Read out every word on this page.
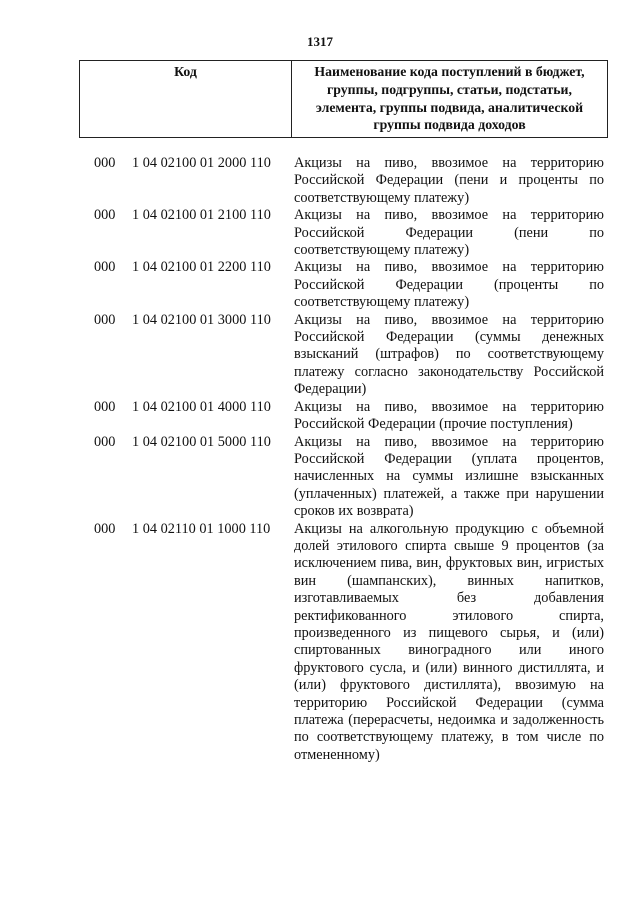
1317
Код	Наименование кода поступлений в бюджет, группы, подгруппы, статьи, подстатьи, элемента, группы подвида, аналитической группы подвида доходов
000	1 04 02100 01 2000 110	Акцизы на пиво, ввозимое на территорию Российской Федерации (пени и проценты по соответствующему платежу)
000	1 04 02100 01 2100 110	Акцизы на пиво, ввозимое на территорию Российской Федерации (пени по соответствующему платежу)
000	1 04 02100 01 2200 110	Акцизы на пиво, ввозимое на территорию Российской Федерации (проценты по соответствующему платежу)
000	1 04 02100 01 3000 110	Акцизы на пиво, ввозимое на территорию Российской Федерации (суммы денежных взысканий (штрафов) по соответствующему платежу согласно законодательству Российской Федерации)
000	1 04 02100 01 4000 110	Акцизы на пиво, ввозимое на территорию Российской Федерации (прочие поступления)
000	1 04 02100 01 5000 110	Акцизы на пиво, ввозимое на территорию Российской Федерации (уплата процентов, начисленных на суммы излишне взысканных (уплаченных) платежей, а также при нарушении сроков их возврата)
000	1 04 02110 01 1000 110	Акцизы на алкогольную продукцию с объемной долей этилового спирта свыше 9 процентов (за исключением пива, вин, фруктовых вин, игристых вин (шампанских), винных напитков, изготавливаемых без добавления ректификованного этилового спирта, произведенного из пищевого сырья, и (или) спиртованных виноградного или иного фруктового сусла, и (или) винного дистиллята, и (или) фруктового дистиллята), ввозимую на территорию Российской Федерации (сумма платежа (перерасчеты, недоимка и задолженность по соответствующему платежу, в том числе по отмененному)
